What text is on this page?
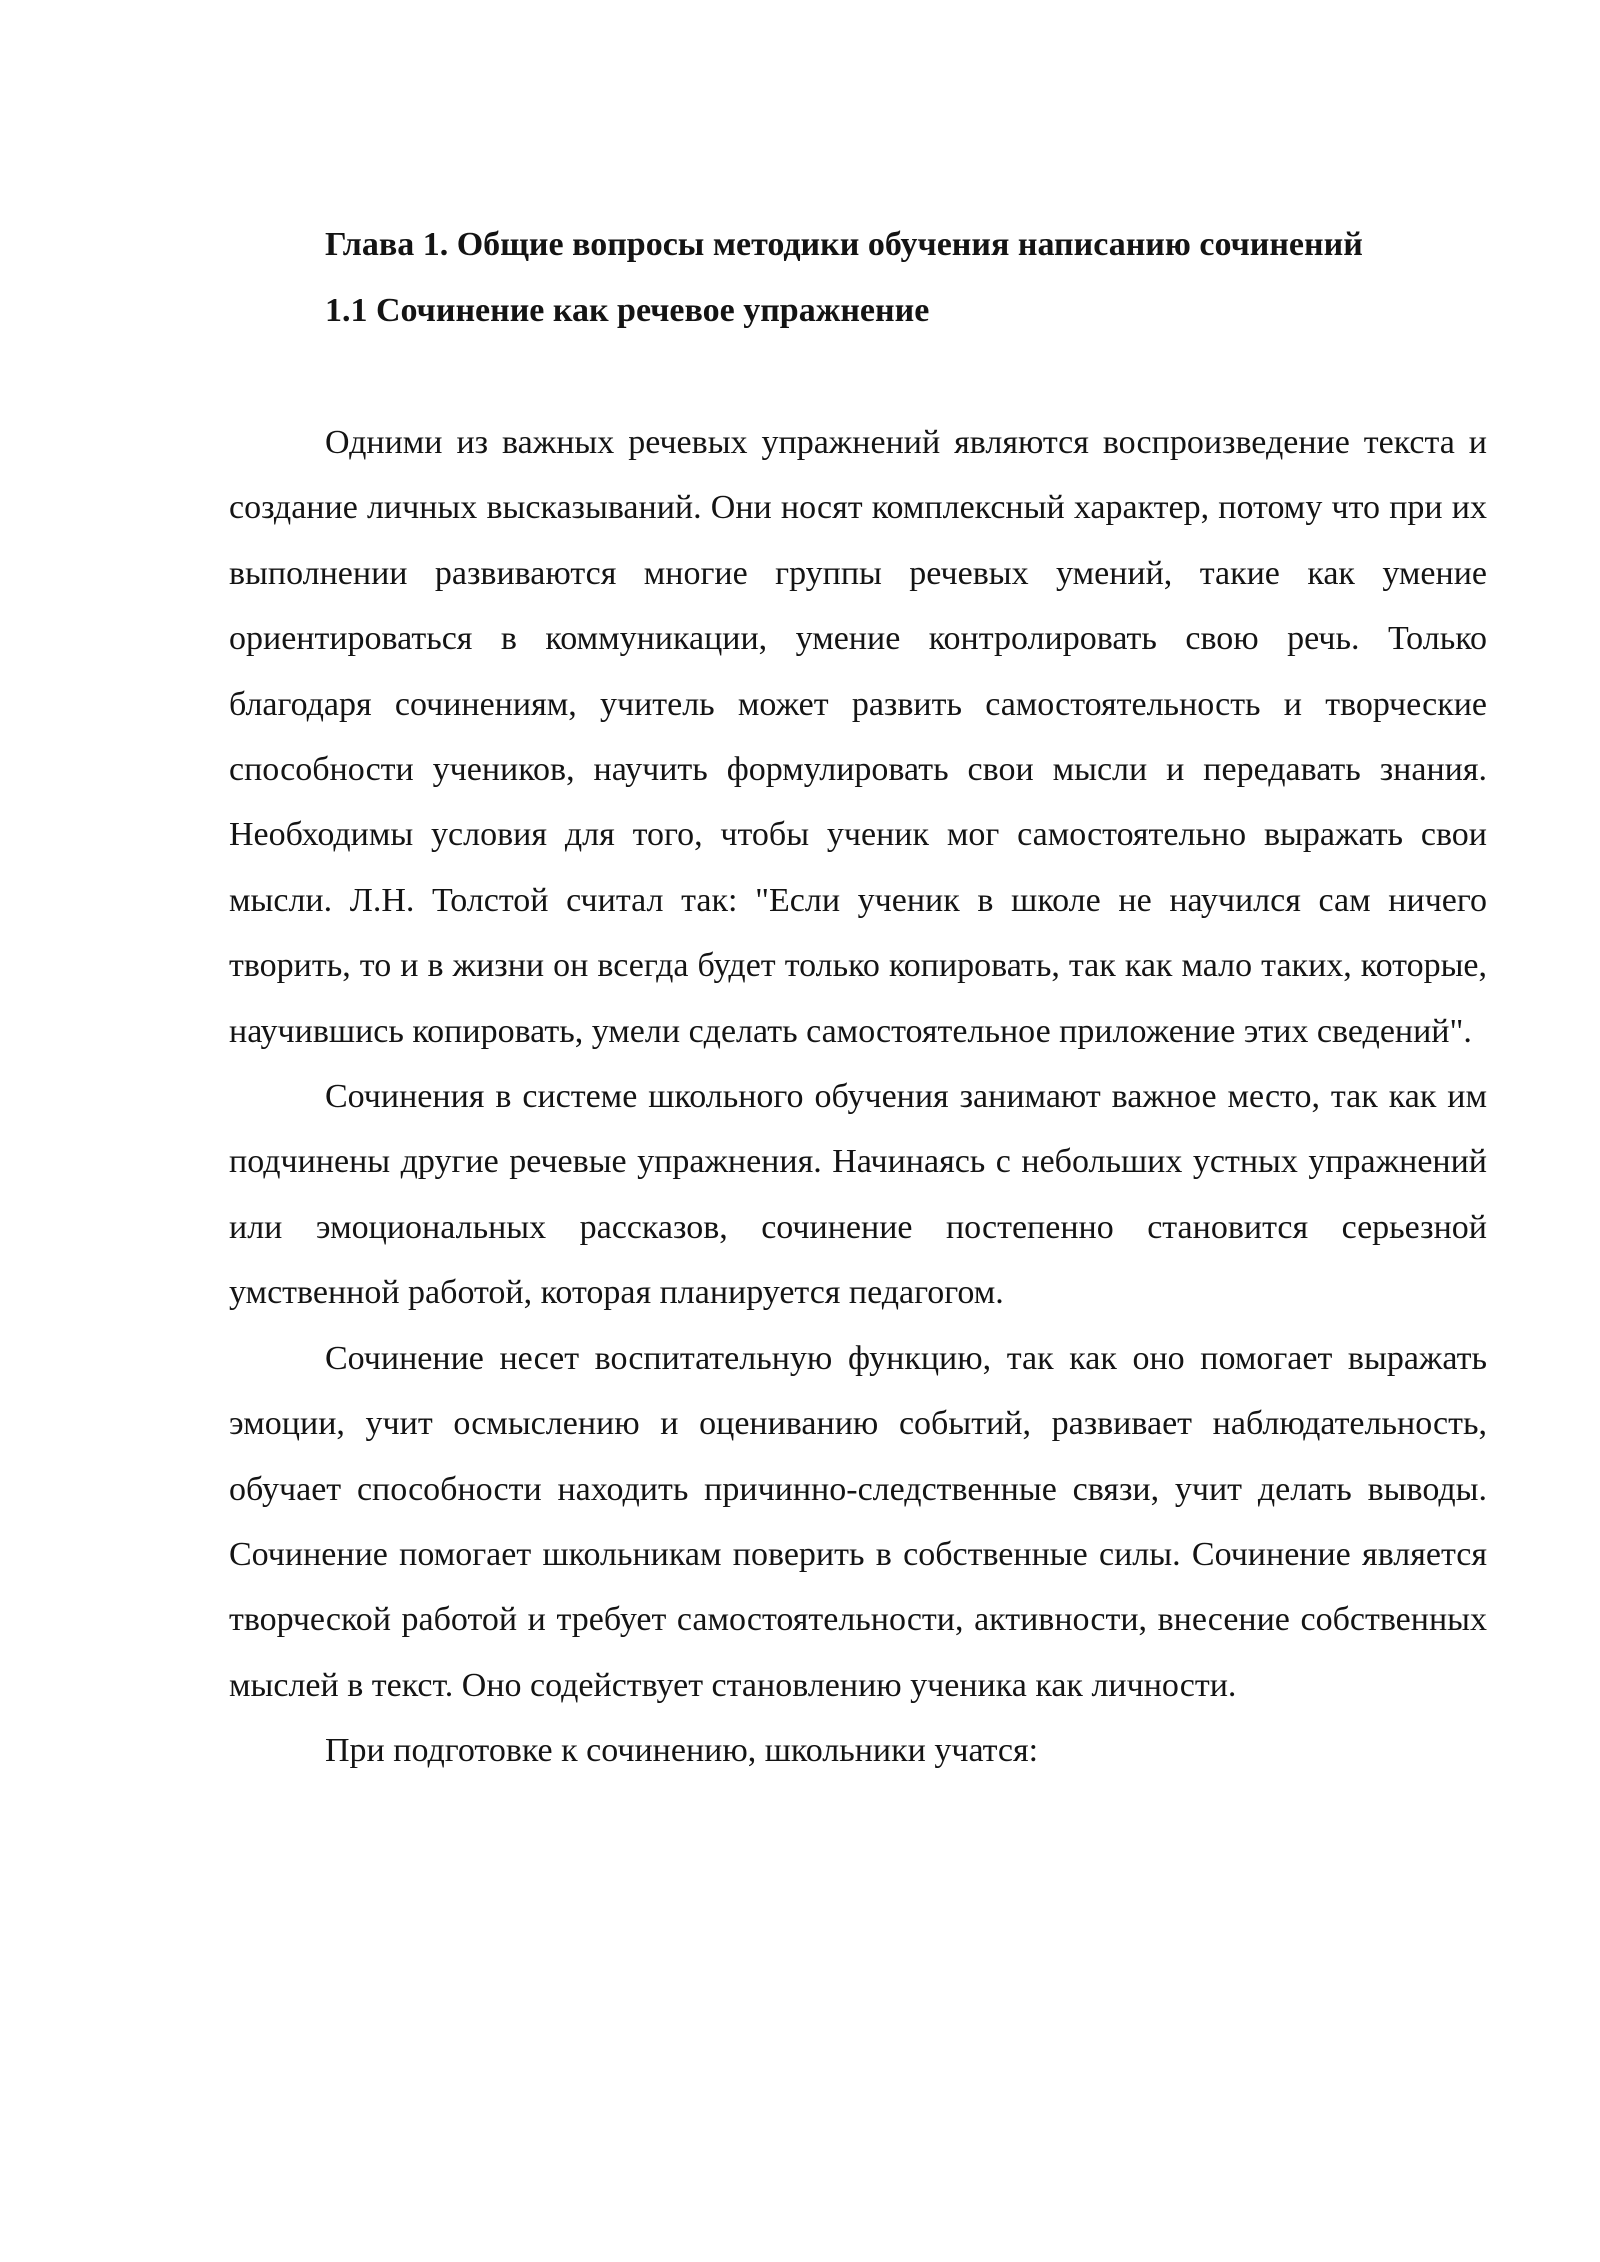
Глава 1. Общие вопросы методики обучения написанию сочинений
1.1 Сочинение как речевое упражнение

Одними из важных речевых упражнений являются воспроизведение текста и создание личных высказываний. Они носят комплексный характер, потому что при их выполнении развиваются многие группы речевых умений, такие как умение ориентироваться в коммуникации, умение контролировать свою речь. Только благодаря сочинениям, учитель может развить самостоятельность и творческие способности учеников, научить формулировать свои мысли и передавать знания. Необходимы условия для того, чтобы ученик мог самостоятельно выражать свои мысли. Л.Н. Толстой считал так: "Если ученик в школе не научился сам ничего творить, то и в жизни он всегда будет только копировать, так как мало таких, которые, научившись копировать, умели сделать самостоятельное приложение этих сведений".

Сочинения в системе школьного обучения занимают важное место, так как им подчинены другие речевые упражнения. Начинаясь с небольших устных упражнений или эмоциональных рассказов, сочинение постепенно становится серьезной умственной работой, которая планируется педагогом.

Сочинение несет воспитательную функцию, так как оно помогает выражать эмоции, учит осмыслению и оцениванию событий, развивает наблюдательность, обучает способности находить причинно-следственные связи, учит делать выводы. Сочинение помогает школьникам поверить в собственные силы. Сочинение является творческой работой и требует самостоятельности, активности, внесение собственных мыслей в текст. Оно содействует становлению ученика как личности.

При подготовке к сочинению, школьники учатся:
